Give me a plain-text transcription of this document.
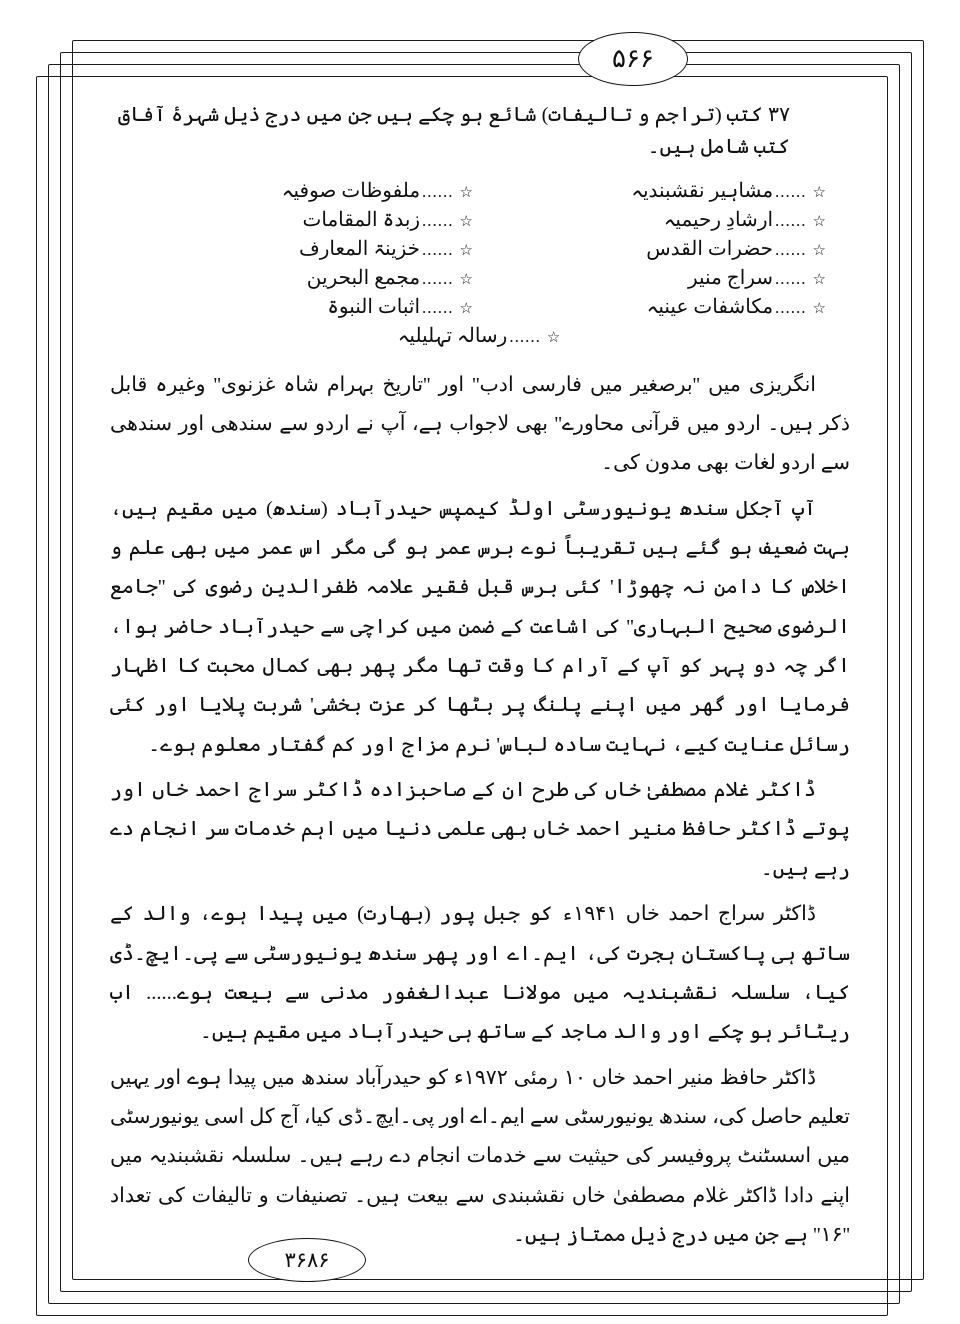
۵۶۶

۳۷ کتب (تراجم و تالیفات) شائع ہو چکے ہیں جن میں درج ذیل شہرۂ آفاق کتب شامل ہیں۔

☆
......
مشاہیر نقشبندیہ
☆
......
ملفوظات صوفیہ
☆
......
ارشادِ رحیمیہ
☆
......
زبدۃ المقامات
☆
......
حضرات القدس
☆
......
خزینۃ المعارف
☆
......
سراج منیر
☆
......
مجمع البحرین
☆
......
مکاشفات عینیہ
☆
......
اثبات النبوۃ
☆
......
رسالہ تہلیلیہ

انگریزی میں ''برصغیر میں فارسی ادب'' اور ''تاریخ بہرام شاہ غزنوی'' وغیرہ قابل ذکر ہیں۔ اردو میں قرآنی محاورے'' بھی لاجواب ہے، آپ نے اردو سے سندھی اور سندھی سے اردو لغات بھی مدون کی۔

آپ آجکل سندھ یونیورسٹی اولڈ کیمپس حیدرآباد (سندھ) میں مقیم ہیں، بہت ضعیف ہو گئے ہیں تقریباً نوے برس عمر ہو گی مگر اس عمر میں بھی علم و اخلاص کا دامن نہ چھوڑا' کئی برس قبل فقیر علامہ ظفرالدین رضوی کی ''جامع الرضوی صحیح البہاری'' کی اشاعت کے ضمن میں کراچی سے حیدرآباد حاضر ہوا، اگر چہ دو پہر کو آپ کے آرام کا وقت تھا مگر پھر بھی کمال محبت کا اظہار فرمایا اور گھر میں اپنے پلنگ پر بٹھا کر عزت بخشی' شربت پلایا اور کئی رسائل عنایت کیے، نہایت سادہ لباس' نرم مزاج اور کم گفتار معلوم ہوے۔

ڈاکٹر غلام مصطفیٰ خاں کی طرح ان کے صاحبزادہ ڈاکٹر سراج احمد خاں اور پوتے ڈاکٹر حافظ منیر احمد خاں بھی علمی دنیا میں اہم خدمات سر انجام دے رہے ہیں۔

ڈاکٹر سراج احمد خاں ۱۹۴۱ء کو جبل پور (بھارت) میں پیدا ہوے، والد کے ساتھ ہی پاکستان ہجرت کی، ایم۔اے اور پھر سندھ یونیورسٹی سے پی۔ایچ۔ڈی کیا، سلسلہ نقشبندیہ میں مولانا عبدالغفور مدنی سے بیعت ہوے...... اب ریٹائر ہو چکے اور والد ماجد کے ساتھ ہی حیدرآباد میں مقیم ہیں۔

ڈاکٹر حافظ منیر احمد خاں ۱۰ رمئی ۱۹۷۲ء کو حیدرآباد سندھ میں پیدا ہوے اور یہیں تعلیم حاصل کی، سندھ یونیورسٹی سے ایم۔اے اور پی۔ایچ۔ڈی کیا، آج کل اسی یونیورسٹی میں اسسٹنٹ پروفیسر کی حیثیت سے خدمات انجام دے رہے ہیں۔ سلسلہ نقشبندیہ میں اپنے دادا ڈاکٹر غلام مصطفیٰ خاں نقشبندی سے بیعت ہیں۔ تصنیفات و تالیفات کی تعداد ''۱۶'' ہے جن میں درج ذیل ممتاز ہیں۔

۳۶۸۶
